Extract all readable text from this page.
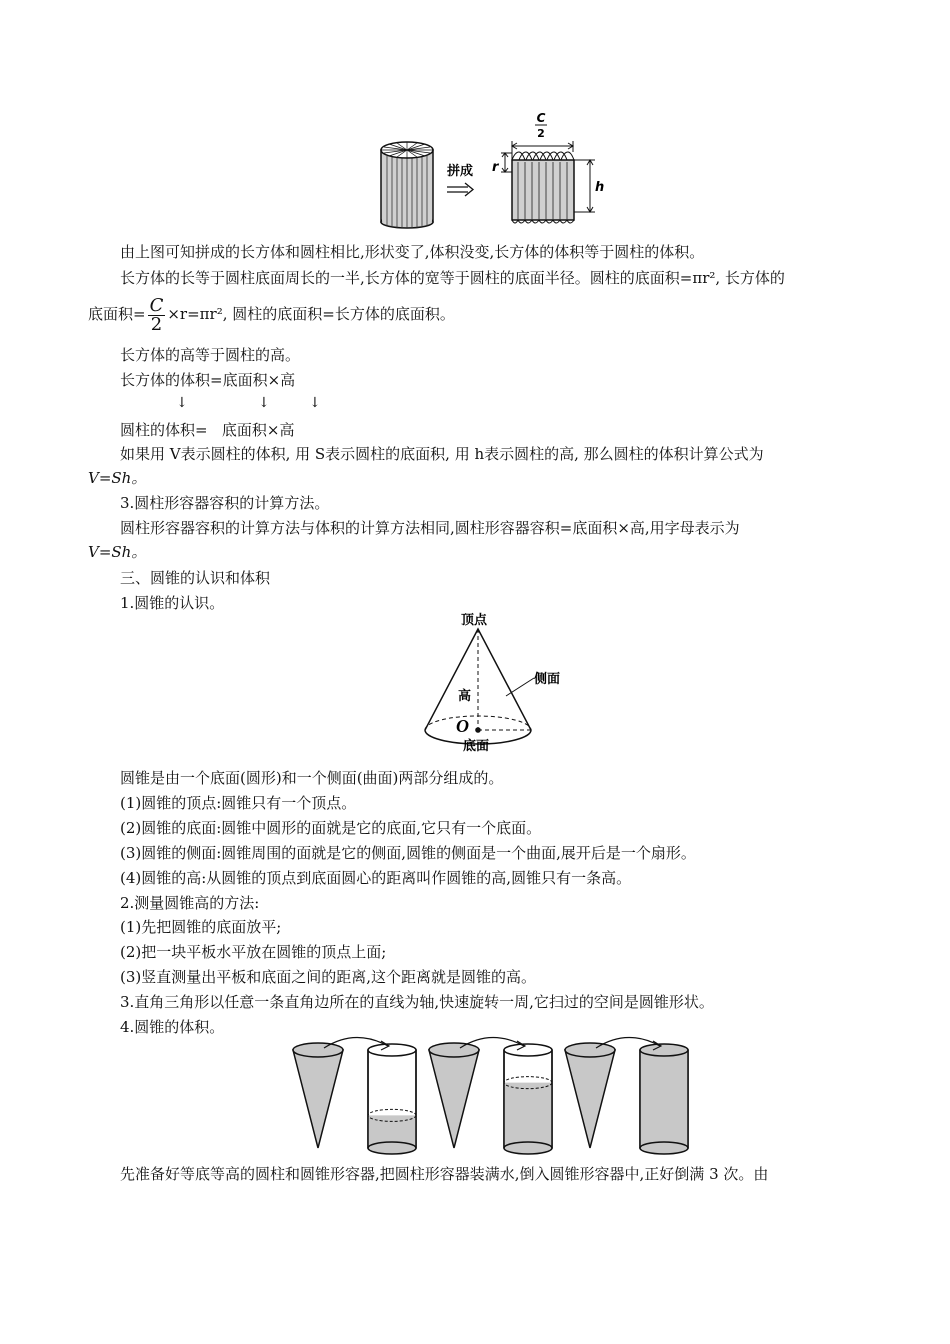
拼成
C
2
r
h
由上图可知拼成的长方体和圆柱相比,形状变了,体积没变,长方体的体积等于圆柱的体积。
长方体的长等于圆柱底面周长的一半,长方体的宽等于圆柱的底面半径。圆柱的底面积=πr², 长方体的
底面积= $\frac{C}{2} \times r=\pi r^2$, 圆柱的底面积=长方体的底面积。
长方体的高等于圆柱的高。
长方体的体积=底面积×高
↓	↓	↓
圆柱的体积=   底面积×高
如果用 V表示圆柱的体积, 用 S表示圆柱的底面积, 用 h表示圆柱的高, 那么圆柱的体积计算公式为
V=Sh。
3.圆柱形容器容积的计算方法。
圆柱形容器容积的计算方法与体积的计算方法相同,圆柱形容器容积=底面积×高,用字母表示为
V=Sh。
三、圆锥的认识和体积
1.圆锥的认识。
顶点
侧面
高
O
底面
圆锥是由一个底面(圆形)和一个侧面(曲面)两部分组成的。
(1)圆锥的顶点:圆锥只有一个顶点。
(2)圆锥的底面:圆锥中圆形的面就是它的底面,它只有一个底面。
(3)圆锥的侧面:圆锥周围的面就是它的侧面,圆锥的侧面是一个曲面,展开后是一个扇形。
(4)圆锥的高:从圆锥的顶点到底面圆心的距离叫作圆锥的高,圆锥只有一条高。
2.测量圆锥高的方法:
(1)先把圆锥的底面放平;
(2)把一块平板水平放在圆锥的顶点上面;
(3)竖直测量出平板和底面之间的距离,这个距离就是圆锥的高。
3.直角三角形以任意一条直角边所在的直线为轴,快速旋转一周,它扫过的空间是圆锥形状。
4.圆锥的体积。
先准备好等底等高的圆柱和圆锥形容器,把圆柱形容器装满水,倒入圆锥形容器中,正好倒满 3 次。由
